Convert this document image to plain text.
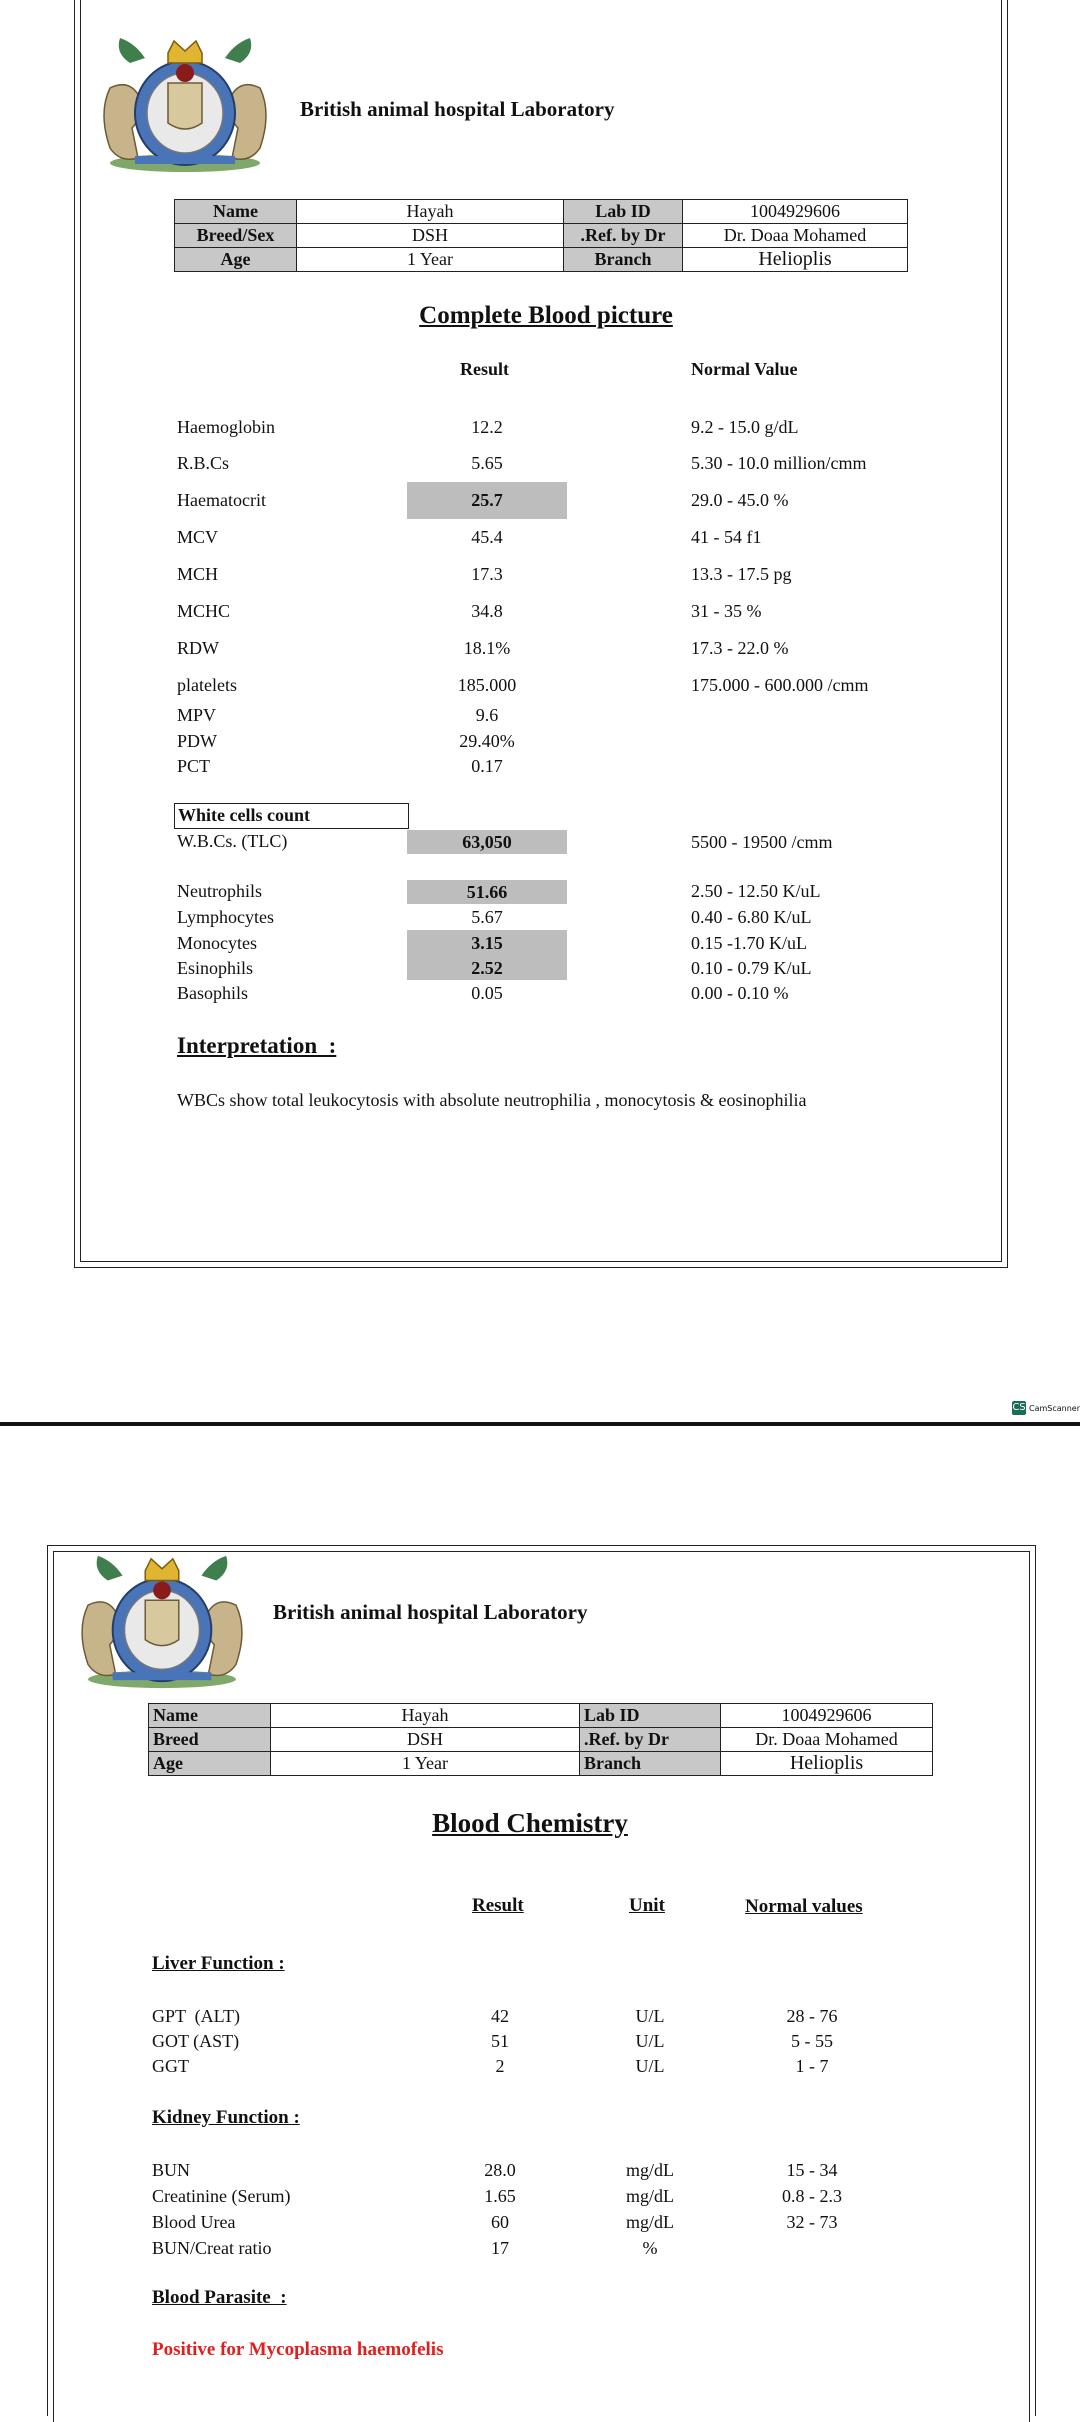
British animal hospital Laboratory
Name	Hayah	Lab ID	1004929606
Breed/Sex	DSH	.Ref. by Dr	Dr. Doaa Mohamed
Age	1 Year	Branch	Helioplis
Complete Blood picture
Result	Normal Value
Haemoglobin	12.2	9.2 - 15.0 g/dL
R.B.Cs	5.65	5.30 - 10.0 million/cmm
Haematocrit	25.7	29.0 - 45.0 %
MCV	45.4	41 - 54 f1
MCH	17.3	13.3 - 17.5 pg
MCHC	34.8	31 - 35 %
RDW	18.1%	17.3 - 22.0 %
platelets	185.000	175.000 - 600.000 /cmm
MPV	9.6
PDW	29.40%
PCT	0.17
White cells count
W.B.Cs. (TLC)	63,050	5500 - 19500 /cmm
Neutrophils	51.66	2.50 - 12.50 K/uL
Lymphocytes	5.67	0.40 - 6.80 K/uL
Monocytes	3.15	0.15 -1.70 K/uL
Esinophils	2.52	0.10 - 0.79 K/uL
Basophils	0.05	0.00 - 0.10 %
Interpretation  :
WBCs show total leukocytosis with absolute neutrophilia , monocytosis & eosinophilia
CS CamScanner
British animal hospital Laboratory
Name	Hayah	Lab ID	1004929606
Breed	DSH	.Ref. by Dr	Dr. Doaa Mohamed
Age	1 Year	Branch	Helioplis
Blood Chemistry
Result	Unit	Normal values
Liver Function :
GPT  (ALT)	42	U/L	28 - 76
GOT (AST)	51	U/L	5 - 55
GGT	2	U/L	1 - 7
Kidney Function :
BUN	28.0	mg/dL	15 - 34
Creatinine (Serum)	1.65	mg/dL	0.8 - 2.3
Blood Urea	60	mg/dL	32 - 73
BUN/Creat ratio	17	%
Blood Parasite  :
Positive for Mycoplasma haemofelis
